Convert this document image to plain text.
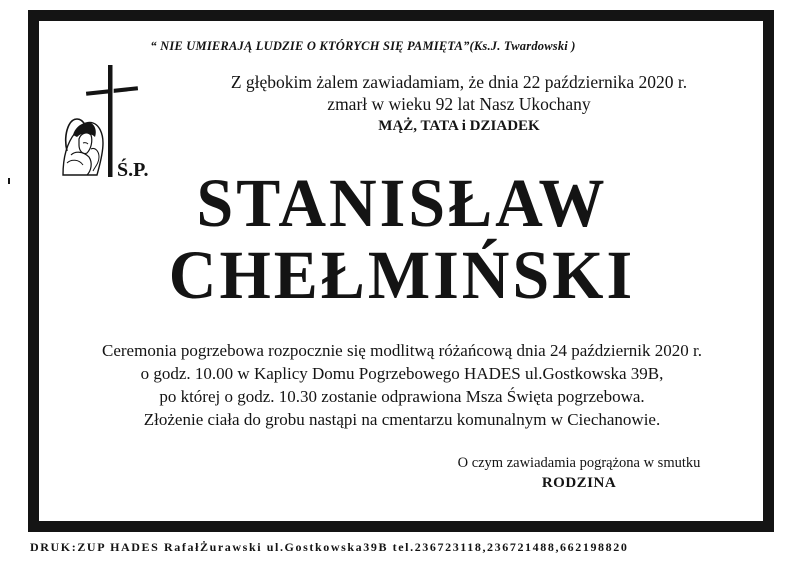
“ NIE UMIERAJĄ LUDZIE O KTÓRYCH SIĘ PAMIĘTA”(Ks.J. Twardowski )
Z głębokim żalem zawiadamiam, że dnia 22 października 2020 r.
zmarł w wieku 92 lat Nasz Ukochany
MĄŻ, TATA i DZIADEK
Ś.P. STANISŁAW
CHEŁMIŃSKI
Ceremonia pogrzebowa rozpocznie się modlitwą różańcową dnia 24 październik 2020 r.
o godz. 10.00 w Kaplicy Domu Pogrzebowego HADES ul.Gostkowska 39B,
po której o godz. 10.30 zostanie odprawiona Msza Święta pogrzebowa.
Złożenie ciała do grobu nastąpi na cmentarzu komunalnym w Ciechanowie.
O czym zawiadamia pogrążona w smutku
RODZINA
DRUK:ZUP HADES RafałŻurawski ul.Gostkowska39B tel.236723118,236721488,662198820
